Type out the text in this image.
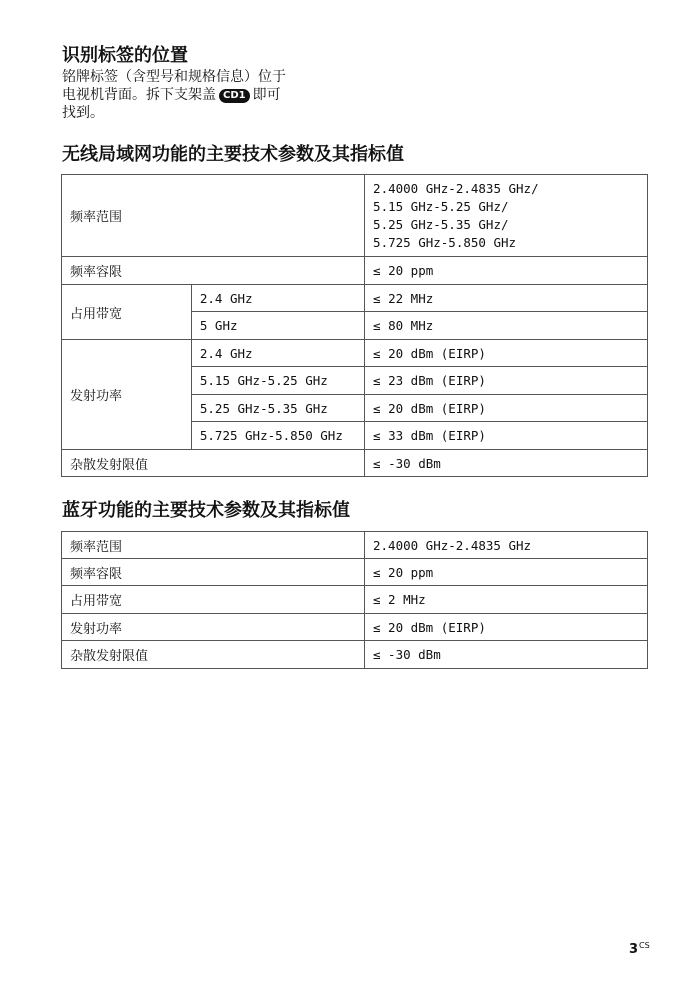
识别标签的位置
铭牌标签（含型号和规格信息）位于
电视机背面。拆下支架盖 CD1 即可
找到。
无线局域网功能的主要技术参数及其指标值
频率范围		2.4000 GHz-2.4835 GHz/
5.15 GHz-5.25 GHz/
5.25 GHz-5.35 GHz/
5.725 GHz-5.850 GHz

频率容限		≤ 20 ppm
占用带宽	2.4 GHz	≤ 22 MHz
	5 GHz	≤ 80 MHz
发射功率	2.4 GHz	≤ 20 dBm (EIRP)
	5.15 GHz-5.25 GHz	≤ 23 dBm (EIRP)
	5.25 GHz-5.35 GHz	≤ 20 dBm (EIRP)
	5.725 GHz-5.850 GHz	≤ 33 dBm (EIRP)
杂散发射限值		≤ -30 dBm
蓝牙功能的主要技术参数及其指标值
频率范围	2.4000 GHz-2.4835 GHz
频率容限	≤ 20 ppm
占用带宽	≤ 2 MHz
发射功率	≤ 20 dBm (EIRP)
杂散发射限值	≤ -30 dBm
$3^{CS}$
